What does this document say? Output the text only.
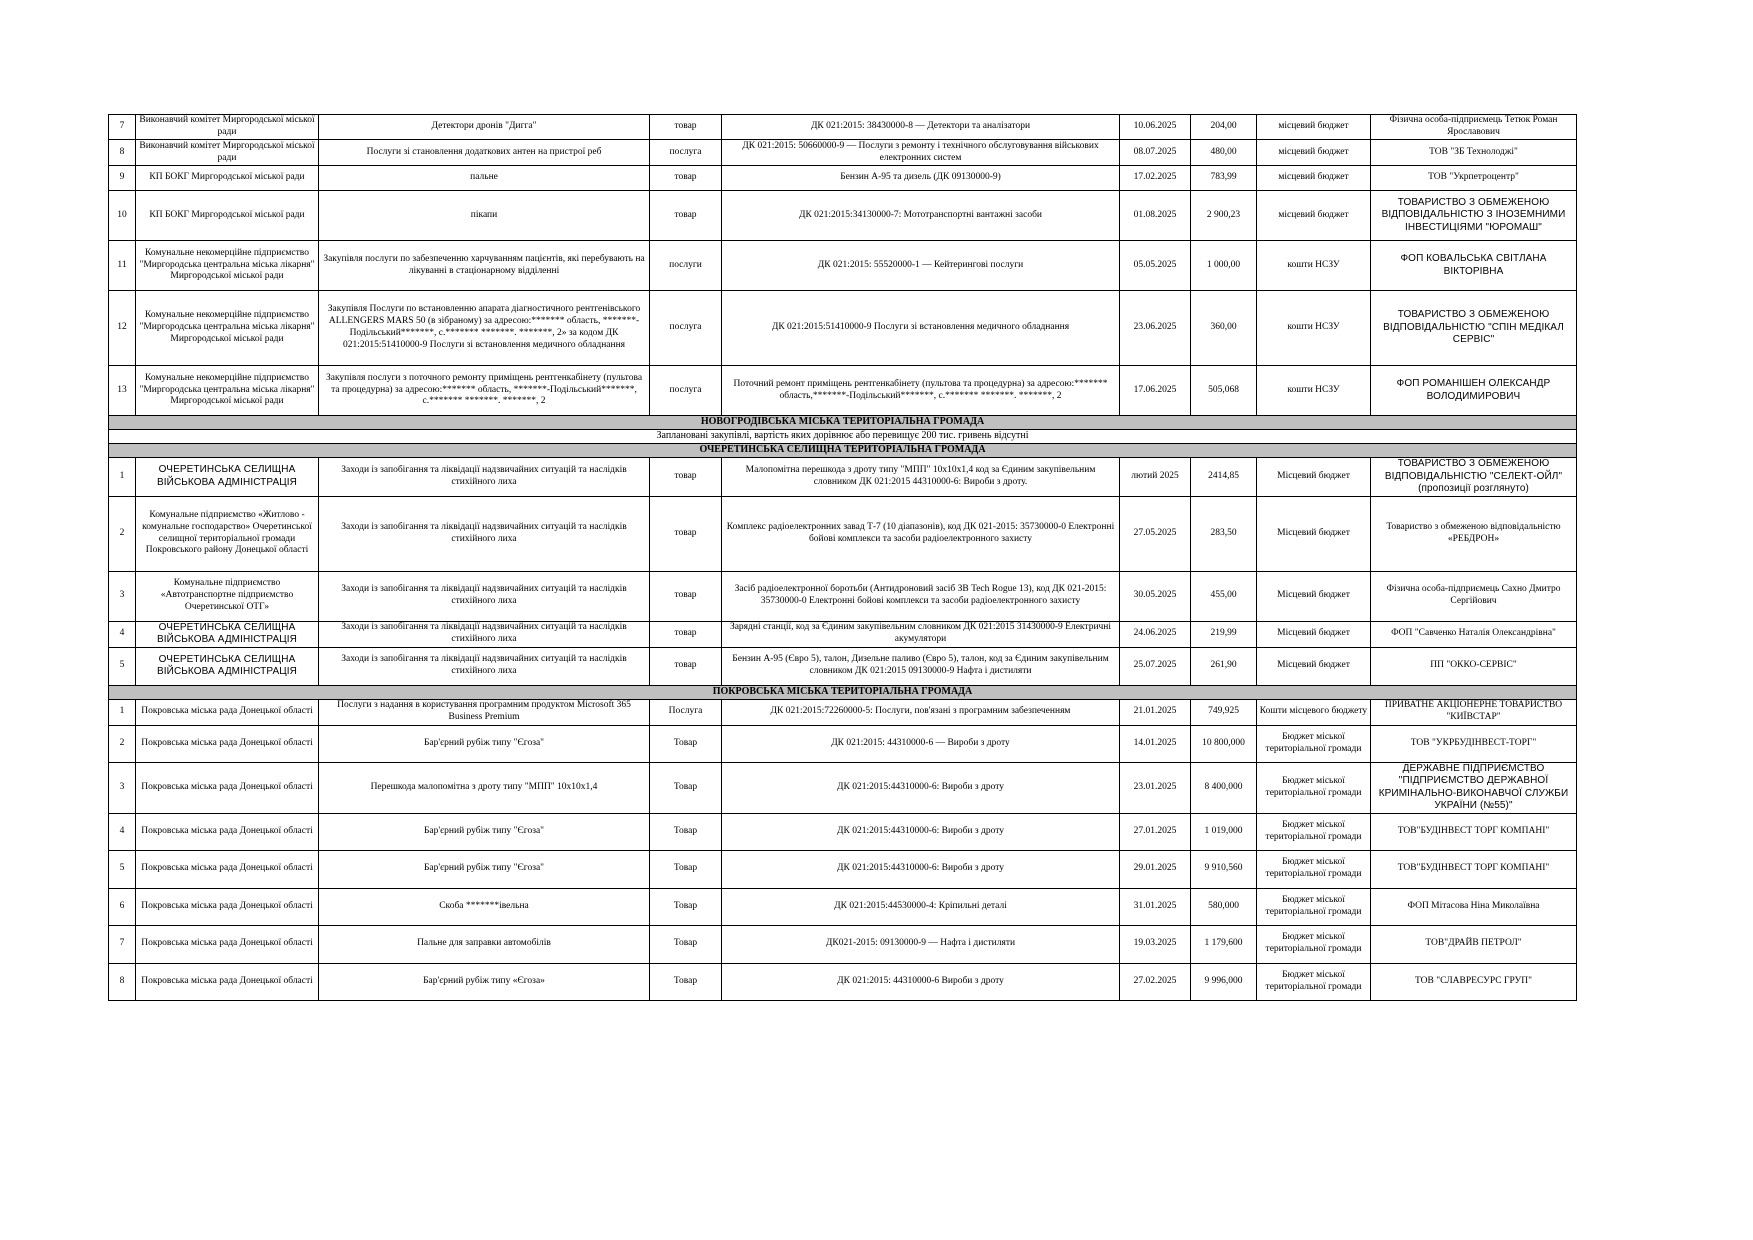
7	Виконавчий комітет Миргородської міської ради	Детектори дронів "Дигга"	товар	ДК 021:2015: 38430000-8 — Детектори та аналізатори	10.06.2025	204,00	місцевий бюджет	Фізична особа-підприємець Тетюк Роман Ярославович
8	Виконавчий комітет Миргородської міської ради	Послуги зі становлення додаткових антен на пристрої реб	послуга	ДК 021:2015: 50660000-9 — Послуги з ремонту і технічного обслуговування військових електронних систем	08.07.2025	480,00	місцевий бюджет	ТОВ "ЗБ Технолоджі"
9	КП БОКГ Миргородської міської ради	пальне	товар	Бензин А-95 та дизель (ДК 09130000-9)	17.02.2025	783,99	місцевий бюджет	ТОВ "Укрпетроцентр"
10	КП БОКГ Миргородської міської ради	пікапи	товар	ДК 021:2015:34130000-7: Мототранспортні вантажні засоби	01.08.2025	2 900,23	місцевий бюджет	ТОВАРИСТВО З ОБМЕЖЕНОЮ ВІДПОВІДАЛЬНІСТЮ З ІНОЗЕМНИМИ ІНВЕСТИЦІЯМИ "ЮРОМАШ"
11	Комунальне некомерційне підприємство "Миргородська центральна міська лікарня" Миргородської міської ради	Закупівля послуги по забезпеченню харчуванням пацієнтів, які перебувають на лікуванні в стаціонарному відділенні	послуги	ДК 021:2015: 55520000-1 — Кейтерингові послуги	05.05.2025	1 000,00	кошти НСЗУ	ФОП КОВАЛЬСЬКА СВІТЛАНА ВІКТОРІВНА
12	Комунальне некомерційне підприємство "Миргородська центральна міська лікарня" Миргородської міської ради	Закупівля Послуги по встановленню апарата діагностичного рентгенівського ALLENGERS MARS 50 (в зібраному) за адресою:******* область, *******-Подільський*******, с.******* *******. *******, 2» за кодом ДК 021:2015:51410000-9 Послуги зі встановлення медичного обладнання	послуга	ДК 021:2015:51410000-9 Послуги зі встановлення медичного обладнання	23.06.2025	360,00	кошти НСЗУ	ТОВАРИСТВО З ОБМЕЖЕНОЮ ВІДПОВІДАЛЬНІСТЮ "СПІН МЕДІКАЛ СЕРВІС"
13	Комунальне некомерційне підприємство "Миргородська центральна міська лікарня" Миргородської міської ради	Закупівля послуги з поточного ремонту приміщень рентгенкабінету (пультова та процедурна) за адресою:******* область, *******-Подільський*******, с.******* *******. *******, 2	послуга	Поточний ремонт приміщень рентгенкабінету (пультова та процедурна) за адресою:******* область,*******-Подільський*******, с.******* *******. *******, 2	17.06.2025	505,068	кошти НСЗУ	ФОП РОМАНІШЕН ОЛЕКСАНДР ВОЛОДИМИРОВИЧ
НОВОГРОДІВСЬКА МІСЬКА ТЕРИТОРІАЛЬНА ГРОМАДА								
Заплановані закупівлі, вартість яких дорівнює або перевищує 200 тис. гривень відсутні								
ОЧЕРЕТИНСЬКА СЕЛИЩНА ТЕРИТОРІАЛЬНА ГРОМАДА								
1	ОЧЕРЕТИНСЬКА СЕЛИЩНА ВІЙСЬКОВА АДМІНІСТРАЦІЯ	Заходи із запобігання та ліквідації надзвичайних ситуацій та наслідків стихійного лиха	товар	Малопомітна перешкода з дроту типу "МПП" 10х10х1,4 код за Єдиним закупівельним словником ДК 021:2015 44310000-6: Вироби з дроту.	лютий 2025	2414,85	Місцевий бюджет	ТОВАРИСТВО З ОБМЕЖЕНОЮ ВІДПОВІДАЛЬНІСТЮ "СЕЛЕКТ-ОЙЛ" (пропозиції розглянуто)
2	Комунальне підприємство «Житлово - комунальне господарство» Очеретинської селищної територіальної громади Покровського району Донецької області	Заходи із запобігання та ліквідації надзвичайних ситуацій та наслідків стихійного лиха	товар	Комплекс радіоелектронних завад Т-7 (10 діапазонів), код ДК 021-2015: 35730000-0 Електронні бойові комплекси та засоби радіоелектронного захисту	27.05.2025	283,50	Місцевий бюджет	Товариство з обмеженою відповідальністю «РЕБДРОН»
3	Комунальне підприємство «Автотранспортне підприємство Очеретинської ОТГ»	Заходи із запобігання та ліквідації надзвичайних ситуацій та наслідків стихійного лиха	товар	Засіб радіоелектронної боротьби (Антидроновий засіб ЗВ Tech Rogue 13), код ДК 021-2015: 35730000-0 Електронні бойові комплекси та засоби радіоелектронного захисту	30.05.2025	455,00	Місцевий бюджет	Фізична особа-підприємець Сахно Дмитро Сергійович
4	ОЧЕРЕТИНСЬКА СЕЛИЩНА ВІЙСЬКОВА АДМІНІСТРАЦІЯ	Заходи із запобігання та ліквідації надзвичайних ситуацій та наслідків стихійного лиха	товар	Зарядні станції, код за Єдиним закупівельним словником ДК 021:2015 31430000-9 Електричні акумулятори	24.06.2025	219,99	Місцевий бюджет	ФОП "Савченко Наталія Олександрівна"
5	ОЧЕРЕТИНСЬКА СЕЛИЩНА ВІЙСЬКОВА АДМІНІСТРАЦІЯ	Заходи із запобігання та ліквідації надзвичайних ситуацій та наслідків стихійного лиха	товар	Бензин А-95 (Євро 5), талон, Дизельне паливо (Євро 5), талон, код за Єдиним закупівельним словником ДК 021:2015 09130000-9 Нафта і дистиляти	25.07.2025	261,90	Місцевий бюджет	ПП "ОККО-СЕРВІС"
ПОКРОВСЬКА МІСЬКА ТЕРИТОРІАЛЬНА ГРОМАДА								
1	Покровська міська рада Донецької області	Послуги з надання в користування програмним продуктом Microsoft 365 Business Premium	Послуга	ДК 021:2015:72260000-5: Послуги, пов'язані з програмним забезпеченням	21.01.2025	749,925	Кошти місцевого бюджету	ПРИВАТНЕ АКЦІОНЕРНЕ ТОВАРИСТВО "КИЇВСТАР"
2	Покровська міська рада Донецької області	Бар'єрний рубіж типу "Єгоза"	Товар	ДК 021:2015: 44310000-6 — Вироби з дроту	14.01.2025	10 800,000	Бюджет міської територіальної громади	ТОВ "УКРБУДІНВЕСТ-ТОРГ"
3	Покровська міська рада Донецької області	Перешкода малопомітна з дроту типу "МПП" 10х10х1,4	Товар	ДК 021:2015:44310000-6: Вироби з дроту	23.01.2025	8 400,000	Бюджет міської територіальної громади	ДЕРЖАВНЕ ПІДПРИЄМСТВО "ПІДПРИЄМСТВО ДЕРЖАВНОЇ КРИМІНАЛЬНО-ВИКОНАВЧОЇ СЛУЖБИ УКРАЇНИ (№55)"
4	Покровська міська рада Донецької області	Бар'єрний рубіж типу "Єгоза"	Товар	ДК 021:2015:44310000-6: Вироби з дроту	27.01.2025	1 019,000	Бюджет міської територіальної громади	ТОВ"БУДІНВЕСТ ТОРГ КОМПАНІ"
5	Покровська міська рада Донецької області	Бар'єрний рубіж типу "Єгоза"	Товар	ДК 021:2015:44310000-6: Вироби з дроту	29.01.2025	9 910,560	Бюджет міської територіальної громади	ТОВ"БУДІНВЕСТ ТОРГ КОМПАНІ"
6	Покровська міська рада Донецької області	Скоба *******івельна	Товар	ДК 021:2015:44530000-4: Кріпильні деталі	31.01.2025	580,000	Бюджет міської територіальної громади	ФОП Мітасова Ніна Миколаївна
7	Покровська міська рада Донецької області	Пальне для заправки автомобілів	Товар	ДК021-2015: 09130000-9 — Нафта і дистиляти	19.03.2025	1 179,600	Бюджет міської територіальної громади	ТОВ"ДРАЙВ ПЕТРОЛ"
8	Покровська міська рада Донецької області	Бар'єрний рубіж типу «Єгоза»	Товар	ДК 021:2015: 44310000-6 Вироби з дроту	27.02.2025	9 996,000	Бюджет міської територіальної громади	ТОВ "СЛАВРЕСУРС ГРУП"
